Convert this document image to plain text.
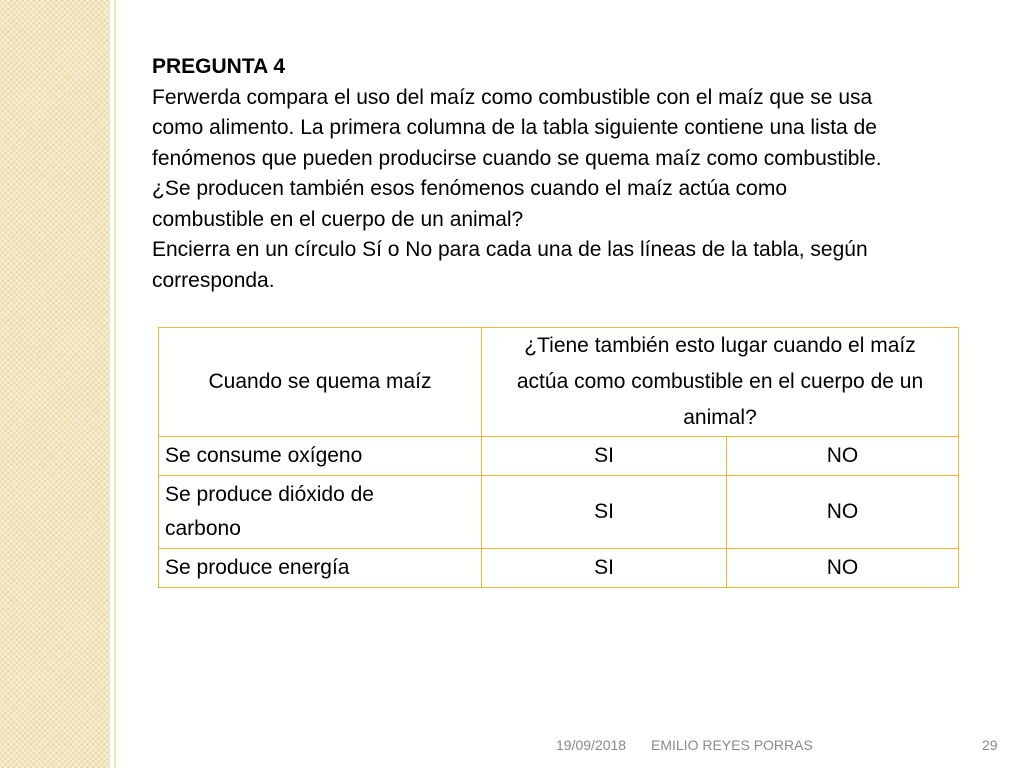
PREGUNTA 4

Ferwerda compara el uso del maíz como combustible con el maíz que se usa

como alimento. La primera columna de la tabla siguiente contiene una lista de

fenómenos que pueden producirse cuando se quema maíz como combustible.

¿Se producen también esos fenómenos cuando el maíz actúa como

combustible en el cuerpo de un animal?

Encierra en un círculo Sí o No para cada una de las líneas de la tabla, según

corresponda.

Cuando se quema maíz	¿Tiene también esto lugar cuando el maíz
actúa como combustible en el cuerpo de un
animal?	

Se consume oxígeno	SI	NO

Se produce dióxido de
carbono	SI	NO

Se produce energía	SI	NO
19/09/2018 EMILIO REYES PORRAS	29
